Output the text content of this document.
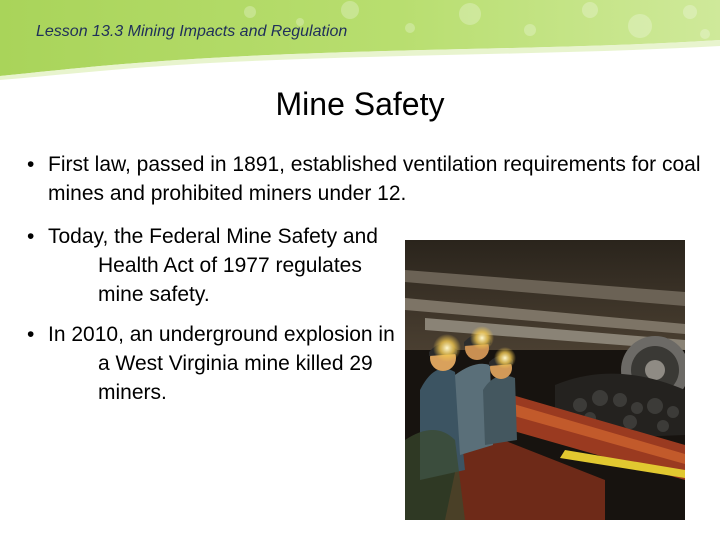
Lesson 13.3 Mining Impacts and Regulation
Mine Safety
• First law, passed in 1891, established ventilation requirements for coal mines and prohibited miners under 12.
• Today, the Federal Mine Safety and Health Act of 1977 regulates mine safety.
• In 2010, an underground explosion in a West Virginia mine killed 29 miners.
